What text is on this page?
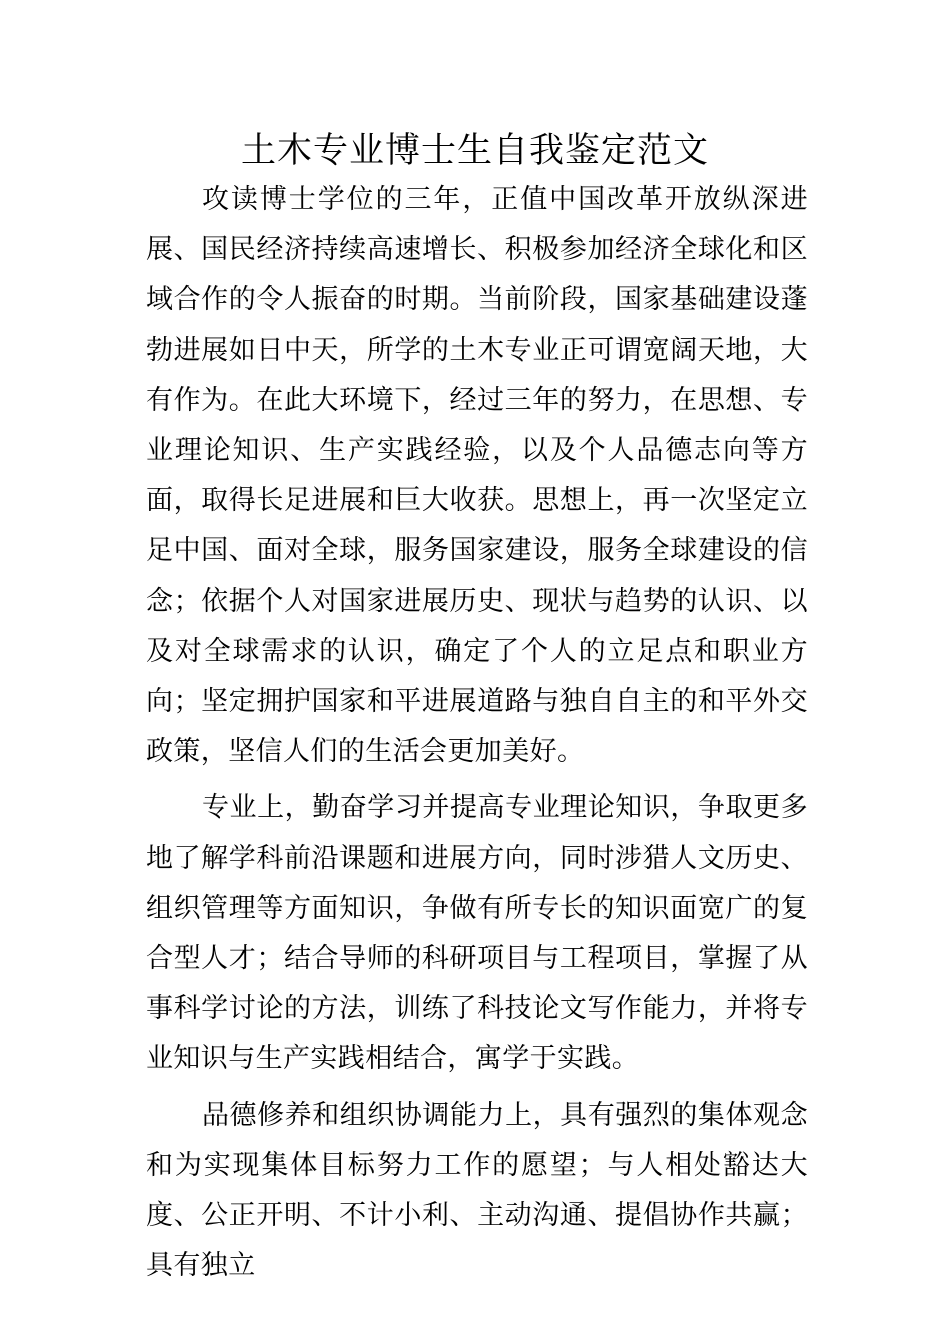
土木专业博士生自我鉴定范文

攻读博士学位的三年，正值中国改革开放纵深进展、国民经济持续高速增长、积极参加经济全球化和区域合作的令人振奋的时期。当前阶段，国家基础建设蓬勃进展如日中天，所学的土木专业正可谓宽阔天地，大有作为。在此大环境下，经过三年的努力，在思想、专业理论知识、生产实践经验，以及个人品德志向等方面，取得长足进展和巨大收获。思想上，再一次坚定立足中国、面对全球，服务国家建设，服务全球建设的信念；依据个人对国家进展历史、现状与趋势的认识、以及对全球需求的认识，确定了个人的立足点和职业方向；坚定拥护国家和平进展道路与独自自主的和平外交政策，坚信人们的生活会更加美好。

专业上，勤奋学习并提高专业理论知识，争取更多地了解学科前沿课题和进展方向，同时涉猎人文历史、组织管理等方面知识，争做有所专长的知识面宽广的复合型人才；结合导师的科研项目与工程项目，掌握了从事科学讨论的方法，训练了科技论文写作能力，并将专业知识与生产实践相结合，寓学于实践。

品德修养和组织协调能力上，具有强烈的集体观念和为实现集体目标努力工作的愿望；与人相处豁达大度、公正开明、不计小利、主动沟通、提倡协作共赢；具有独立
